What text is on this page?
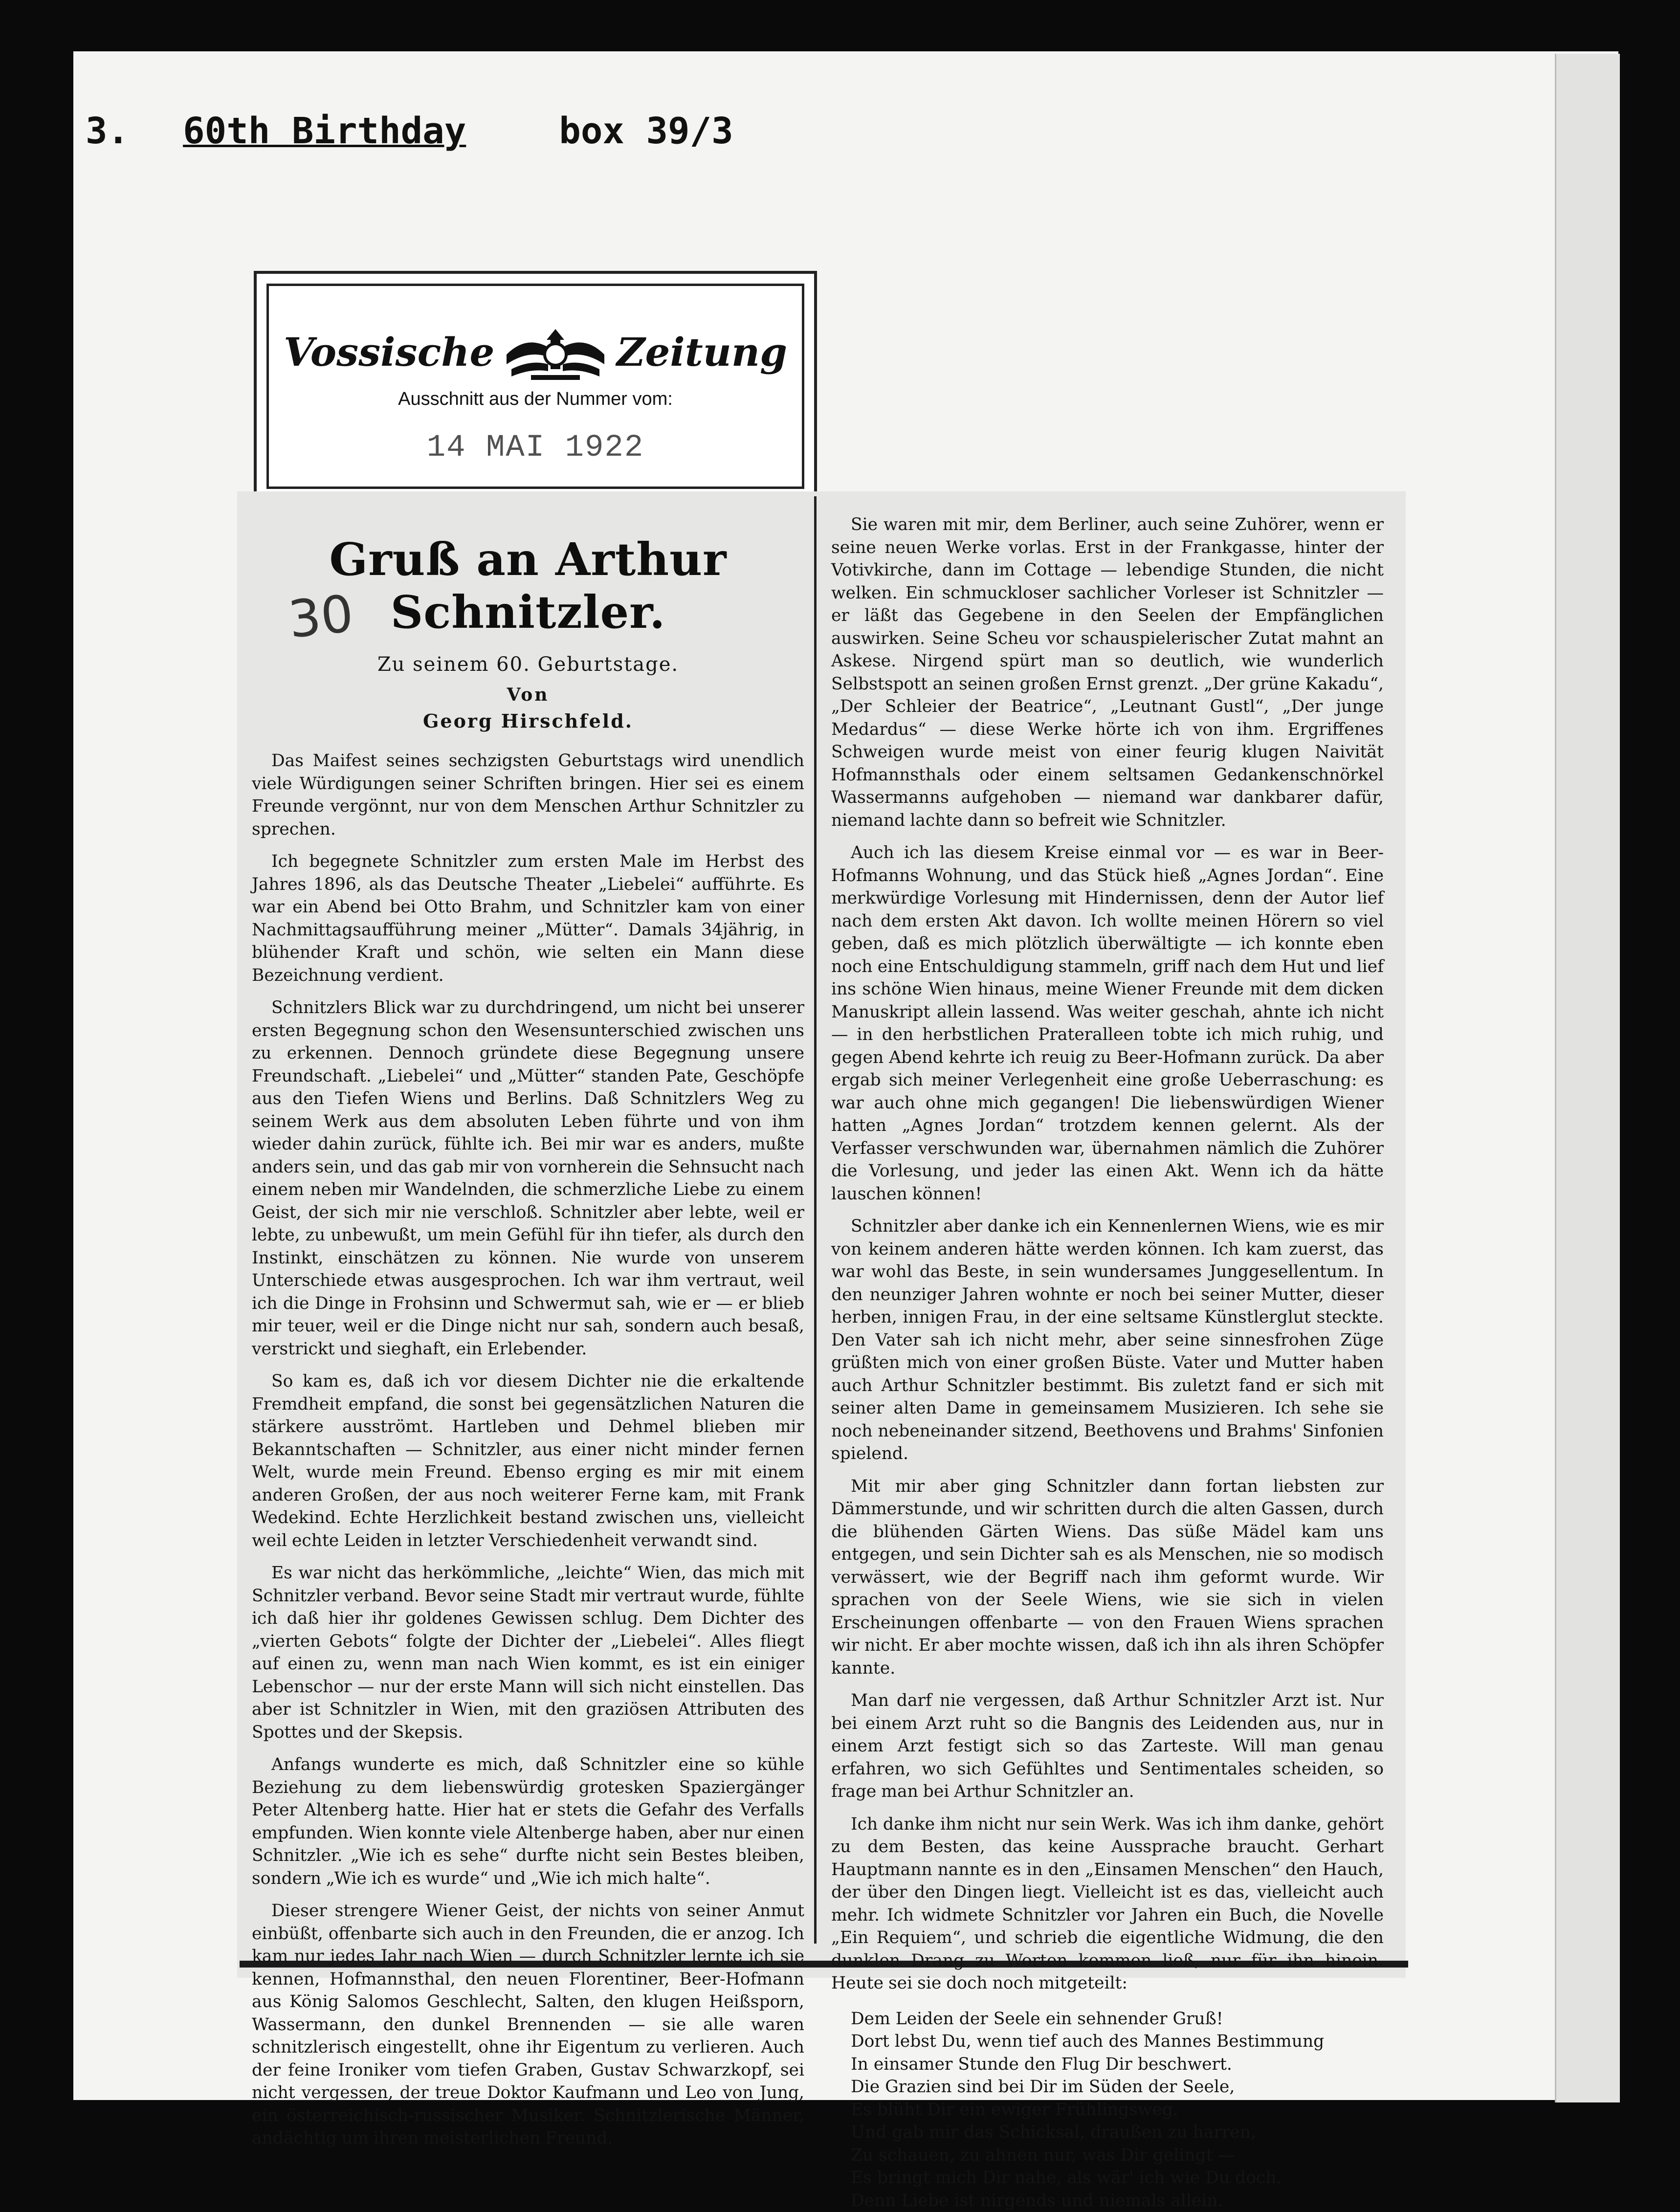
3. 60th Birthday	box 39/3
Vossische	Zeitung
Ausschnitt aus der Nummer vom:
14 MAI 1922
30
Gruß an Arthur Schnitzler.
Zu seinem 60. Geburtstage.
Von
Georg Hirschfeld.

Das Maifest seines sechzigsten Geburtstags wird unendlich viele Würdigungen seiner Schriften bringen. Hier sei es einem Freunde vergönnt, nur von dem Menschen Arthur Schnitzler zu sprechen.

Ich begegnete Schnitzler zum ersten Male im Herbst des Jahres 1896, als das Deutsche Theater „Liebelei“ aufführte. Es war ein Abend bei Otto Brahm, und Schnitzler kam von einer Nachmittagsaufführung meiner „Mütter“. Damals 34jährig, in blühender Kraft und schön, wie selten ein Mann diese Bezeichnung verdient.

Schnitzlers Blick war zu durchdringend, um nicht bei unserer ersten Begegnung schon den Wesensunterschied zwischen uns zu erkennen. Dennoch gründete diese Begegnung unsere Freundschaft. „Liebelei“ und „Mütter“ standen Pate, Geschöpfe aus den Tiefen Wiens und Berlins. Daß Schnitzlers Weg zu seinem Werk aus dem absoluten Leben führte und von ihm wieder dahin zurück, fühlte ich. Bei mir war es anders, mußte anders sein, und das gab mir von vornherein die Sehnsucht nach einem neben mir Wandelnden, die schmerzliche Liebe zu einem Geist, der sich mir nie verschloß. Schnitzler aber lebte, weil er lebte, zu unbewußt, um mein Gefühl für ihn tiefer, als durch den Instinkt, einschätzen zu können. Nie wurde von unserem Unterschiede etwas ausgesprochen. Ich war ihm vertraut, weil ich die Dinge in Frohsinn und Schwermut sah, wie er — er blieb mir teuer, weil er die Dinge nicht nur sah, sondern auch besaß, verstrickt und sieghaft, ein Erlebender.

So kam es, daß ich vor diesem Dichter nie die erkaltende Fremdheit empfand, die sonst bei gegensätzlichen Naturen die stärkere ausströmt. Hartleben und Dehmel blieben mir Bekanntschaften — Schnitzler, aus einer nicht minder fernen Welt, wurde mein Freund. Ebenso erging es mir mit einem anderen Großen, der aus noch weiterer Ferne kam, mit Frank Wedekind. Echte Herzlichkeit bestand zwischen uns, vielleicht weil echte Leiden in letzter Verschiedenheit verwandt sind.

Es war nicht das herkömmliche, „leichte“ Wien, das mich mit Schnitzler verband. Bevor seine Stadt mir vertraut wurde, fühlte ich daß hier ihr goldenes Gewissen schlug. Dem Dichter des „vierten Gebots“ folgte der Dichter der „Liebelei“. Alles fliegt auf einen zu, wenn man nach Wien kommt, es ist ein einiger Lebenschor — nur der erste Mann will sich nicht einstellen. Das aber ist Schnitzler in Wien, mit den graziösen Attributen des Spottes und der Skepsis.

Anfangs wunderte es mich, daß Schnitzler eine so kühle Beziehung zu dem liebenswürdig grotesken Spaziergänger Peter Altenberg hatte. Hier hat er stets die Gefahr des Verfalls empfunden. Wien konnte viele Altenberge haben, aber nur einen Schnitzler. „Wie ich es sehe“ durfte nicht sein Bestes bleiben, sondern „Wie ich es wurde“ und „Wie ich mich halte“.

Dieser strengere Wiener Geist, der nichts von seiner Anmut einbüßt, offenbarte sich auch in den Freunden, die er anzog. Ich kam nur jedes Jahr nach Wien — durch Schnitzler lernte ich sie kennen, Hofmannsthal, den neuen Florentiner, Beer-Hofmann aus König Salomos Geschlecht, Salten, den klugen Heißsporn, Wassermann, den dunkel Brennenden — sie alle waren schnitzlerisch eingestellt, ohne ihr Eigentum zu verlieren. Auch der feine Ironiker vom tiefen Graben, Gustav Schwarzkopf, sei nicht vergessen, der treue Doktor Kaufmann und Leo von Jung, ein österreichisch-russischer Musiker. Schnitzlerische Männer, andächtig um ihren meisterlichen Freund.

Sie waren mit mir, dem Berliner, auch seine Zuhörer, wenn er seine neuen Werke vorlas. Erst in der Frankgasse, hinter der Votivkirche, dann im Cottage — lebendige Stunden, die nicht welken. Ein schmuckloser sachlicher Vorleser ist Schnitzler — er läßt das Gegebene in den Seelen der Empfänglichen auswirken. Seine Scheu vor schauspielerischer Zutat mahnt an Askese. Nirgend spürt man so deutlich, wie wunderlich Selbstspott an seinen großen Ernst grenzt. „Der grüne Kakadu“, „Der Schleier der Beatrice“, „Leutnant Gustl“, „Der junge Medardus“ — diese Werke hörte ich von ihm. Ergriffenes Schweigen wurde meist von einer feurig klugen Naivität Hofmannsthals oder einem seltsamen Gedankenschnörkel Wassermanns aufgehoben — niemand war dankbarer dafür, niemand lachte dann so befreit wie Schnitzler.

Auch ich las diesem Kreise einmal vor — es war in Beer-Hofmanns Wohnung, und das Stück hieß „Agnes Jordan“. Eine merkwürdige Vorlesung mit Hindernissen, denn der Autor lief nach dem ersten Akt davon. Ich wollte meinen Hörern so viel geben, daß es mich plötzlich überwältigte — ich konnte eben noch eine Entschuldigung stammeln, griff nach dem Hut und lief ins schöne Wien hinaus, meine Wiener Freunde mit dem dicken Manuskript allein lassend. Was weiter geschah, ahnte ich nicht — in den herbstlichen Prateralleen tobte ich mich ruhig, und gegen Abend kehrte ich reuig zu Beer-Hofmann zurück. Da aber ergab sich meiner Verlegenheit eine große Ueberraschung: es war auch ohne mich gegangen! Die liebenswürdigen Wiener hatten „Agnes Jordan“ trotzdem kennen gelernt. Als der Verfasser verschwunden war, übernahmen nämlich die Zuhörer die Vorlesung, und jeder las einen Akt. Wenn ich da hätte lauschen können!

Schnitzler aber danke ich ein Kennenlernen Wiens, wie es mir von keinem anderen hätte werden können. Ich kam zuerst, das war wohl das Beste, in sein wundersames Junggesellentum. In den neunziger Jahren wohnte er noch bei seiner Mutter, dieser herben, innigen Frau, in der eine seltsame Künstlerglut steckte. Den Vater sah ich nicht mehr, aber seine sinnesfrohen Züge grüßten mich von einer großen Büste. Vater und Mutter haben auch Arthur Schnitzler bestimmt. Bis zuletzt fand er sich mit seiner alten Dame in gemeinsamem Musizieren. Ich sehe sie noch nebeneinander sitzend, Beethovens und Brahms' Sinfonien spielend.

Mit mir aber ging Schnitzler dann fortan liebsten zur Dämmerstunde, und wir schritten durch die alten Gassen, durch die blühenden Gärten Wiens. Das süße Mädel kam uns entgegen, und sein Dichter sah es als Menschen, nie so modisch verwässert, wie der Begriff nach ihm geformt wurde. Wir sprachen von der Seele Wiens, wie sie sich in vielen Erscheinungen offenbarte — von den Frauen Wiens sprachen wir nicht. Er aber mochte wissen, daß ich ihn als ihren Schöpfer kannte.

Man darf nie vergessen, daß Arthur Schnitzler Arzt ist. Nur bei einem Arzt ruht so die Bangnis des Leidenden aus, nur in einem Arzt festigt sich so das Zarteste. Will man genau erfahren, wo sich Gefühltes und Sentimentales scheiden, so frage man bei Arthur Schnitzler an.

Ich danke ihm nicht nur sein Werk. Was ich ihm danke, gehört zu dem Besten, das keine Aussprache braucht. Gerhart Hauptmann nannte es in den „Einsamen Menschen“ den Hauch, der über den Dingen liegt. Vielleicht ist es das, vielleicht auch mehr. Ich widmete Schnitzler vor Jahren ein Buch, die Novelle „Ein Requiem“, und schrieb die eigentliche Widmung, die den dunklen Drang zu Worten kommen ließ, nur für ihn hinein. Heute sei sie doch noch mitgeteilt:

Dem Leiden der Seele ein sehnender Gruß!
Dort lebst Du, wenn tief auch des Mannes Bestimmung
In einsamer Stunde den Flug Dir beschwert.
Die Grazien sind bei Dir im Süden der Seele,
Es blüht Dir ein ewiger Frühlingsweg.
Und gab mir das Schicksal, draußen zu harren,
Zu schauen, zu ahnen nur, was Dir gelingt —
Es bringt mich Dir nahe, als wär' ich wie Du doch.
Denn Liebe ist nirgends und niemals allein.
